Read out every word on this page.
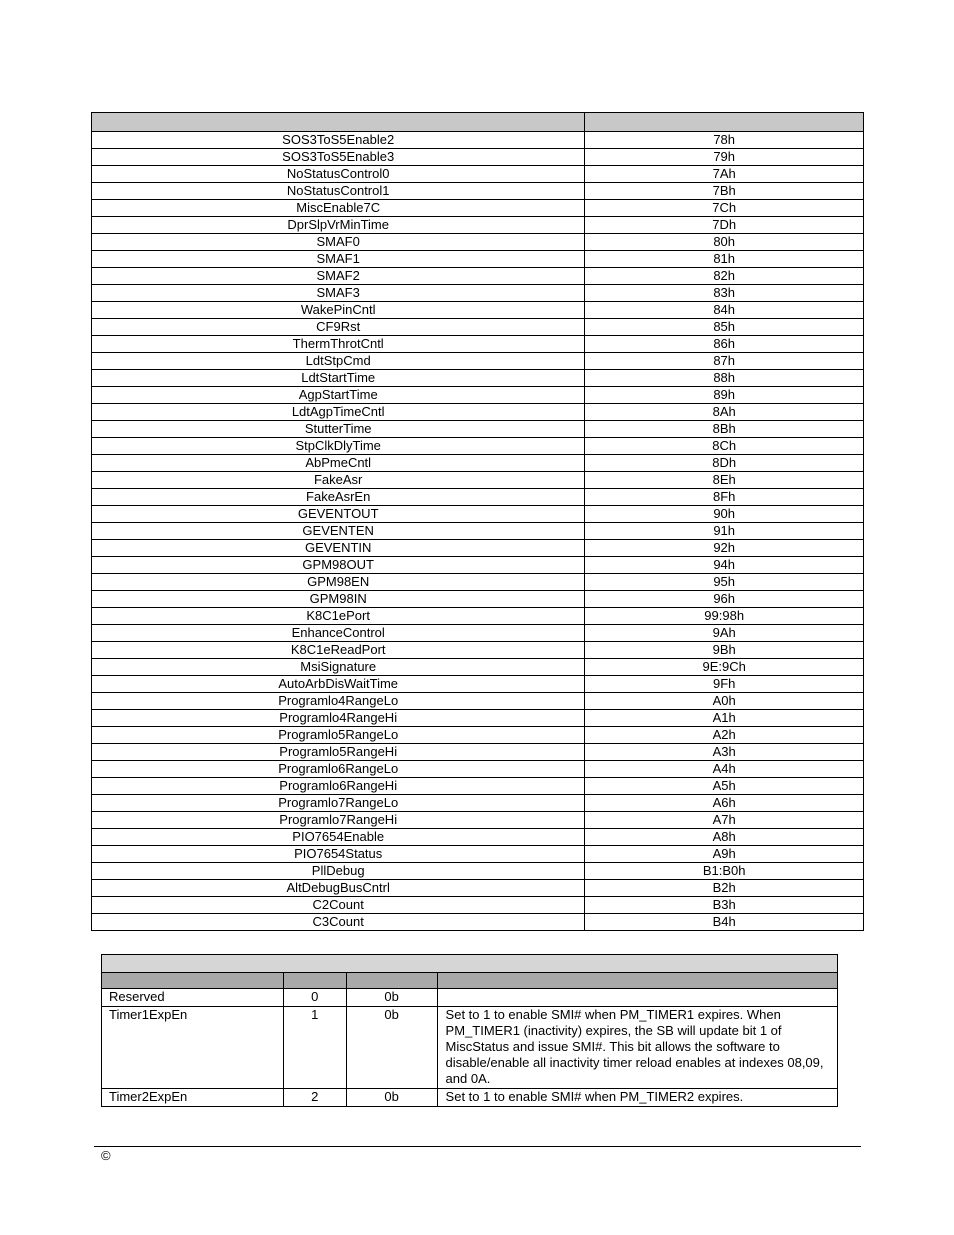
SOS3ToS5Enable2	78h
SOS3ToS5Enable3	79h
NoStatusControl0	7Ah
NoStatusControl1	7Bh
MiscEnable7C	7Ch
DprSlpVrMinTime	7Dh
SMAF0	80h
SMAF1	81h
SMAF2	82h
SMAF3	83h
WakePinCntl	84h
CF9Rst	85h
ThermThrotCntl	86h
LdtStpCmd	87h
LdtStartTime	88h
AgpStartTime	89h
LdtAgpTimeCntl	8Ah
StutterTime	8Bh
StpClkDlyTime	8Ch
AbPmeCntl	8Dh
FakeAsr	8Eh
FakeAsrEn	8Fh
GEVENTOUT	90h
GEVENTEN	91h
GEVENTIN	92h
GPM98OUT	94h
GPM98EN	95h
GPM98IN	96h
K8C1ePort	99:98h
EnhanceControl	9Ah
K8C1eReadPort	9Bh
MsiSignature	9E:9Ch
AutoArbDisWaitTime	9Fh
Programlo4RangeLo	A0h
Programlo4RangeHi	A1h
Programlo5RangeLo	A2h
Programlo5RangeHi	A3h
Programlo6RangeLo	A4h
Programlo6RangeHi	A5h
Programlo7RangeLo	A6h
Programlo7RangeHi	A7h
PIO7654Enable	A8h
PIO7654Status	A9h
PllDebug	B1:B0h
AltDebugBusCntrl	B2h
C2Count	B3h
C3Count	B4h

Reserved	0	0b	
Timer1ExpEn	1	0b	Set to 1 to enable SMI# when PM_TIMER1 expires. When PM_TIMER1 (inactivity) expires, the SB will update bit 1 of MiscStatus and issue SMI#. This bit allows the software to disable/enable all inactivity timer reload enables at indexes 08,09, and 0A.
Timer2ExpEn	2	0b	Set to 1 to enable SMI# when PM_TIMER2 expires.
©
